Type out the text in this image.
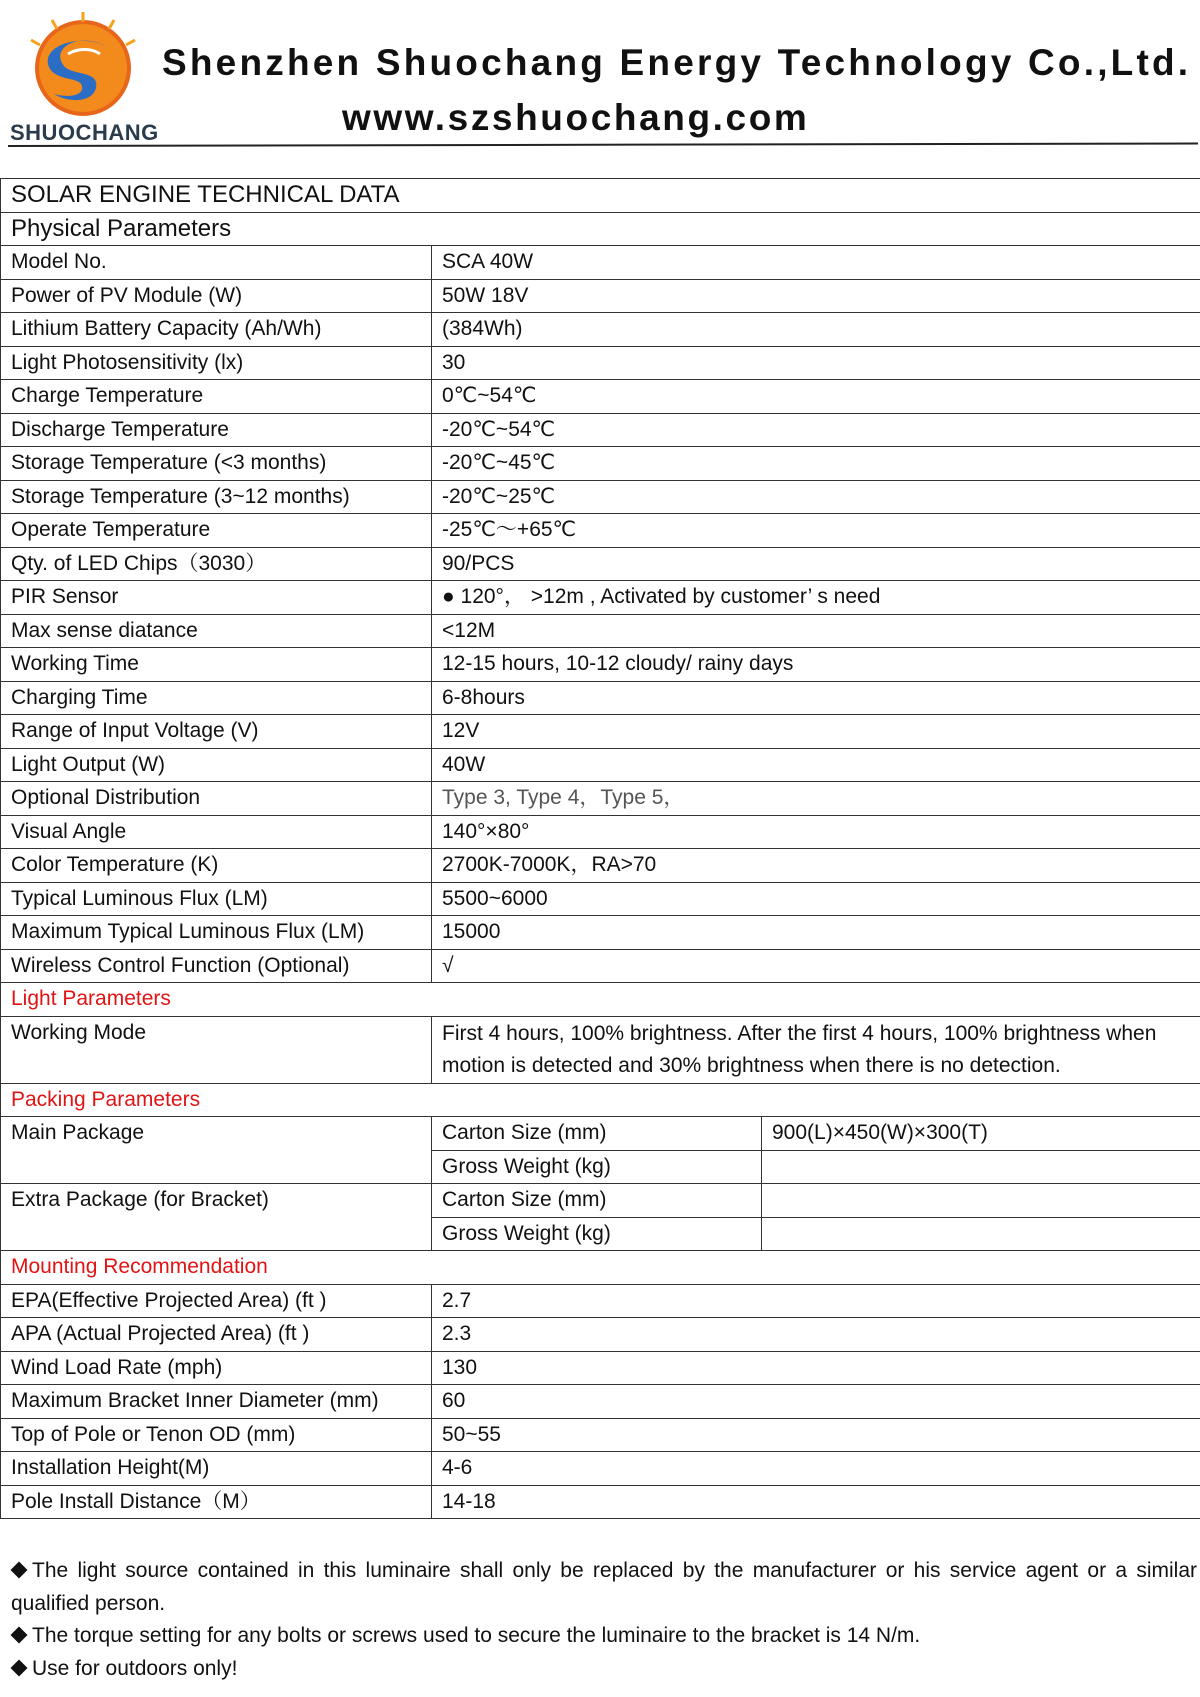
SHUOCHANG
Shenzhen Shuochang Energy Technology Co.,Ltd.
www.szshuochang.com
SOLAR ENGINE TECHNICAL DATA		
Physical Parameters		
Model No.	SCA 40W	
Power of PV Module (W)	50W 18V	
Lithium Battery Capacity (Ah/Wh)	(384Wh)	
Light Photosensitivity (lx)	30	
Charge Temperature	0℃~54℃	
Discharge Temperature	-20℃~54℃	
Storage Temperature (<3 months)	-20℃~45℃	
Storage Temperature (3~12 months)	-20℃~25℃	
Operate Temperature	-25℃～+65℃	
Qty. of LED Chips（3030）	90/PCS	
PIR Sensor	● 120°， >12m , Activated by customer’ s need	
Max sense diatance	<12M	
Working Time	12-15 hours, 10-12 cloudy/ rainy days	
Charging Time	6-8hours	
Range of Input Voltage (V)	12V	
Light Output (W)	40W	
Optional Distribution	Type 3, Type 4，Type 5，	
Visual Angle	140°×80°	
Color Temperature (K)	2700K-7000K，RA>70	
Typical Luminous Flux (LM)	5500~6000	
Maximum Typical Luminous Flux (LM)	15000	
Wireless Control Function (Optional)	√	
Light Parameters		
Working Mode	First 4 hours, 100% brightness. After the first 4 hours, 100% brightness when motion is detected and 30% brightness when there is no detection.	
Packing Parameters		
Main Package	Carton Size (mm)	900(L)×450(W)×300(T)
	Gross Weight (kg)	
Extra Package (for Bracket)	Carton Size (mm)	
	Gross Weight (kg)	
Mounting Recommendation		
EPA(Effective Projected Area) (ft )	2.7	
APA (Actual Projected Area) (ft )	2.3	
Wind Load Rate (mph)	130	
Maximum Bracket Inner Diameter (mm)	60	
Top of Pole or Tenon OD (mm)	50~55	
Installation Height(M)	4-6	
Pole Install Distance（M）	14-18	
The light source contained in this luminaire shall only be replaced by the manufacturer or his service agent or a similar qualified person.
The torque setting for any bolts or screws used to secure the luminaire to the bracket is 14 N/m.
Use for outdoors only!
